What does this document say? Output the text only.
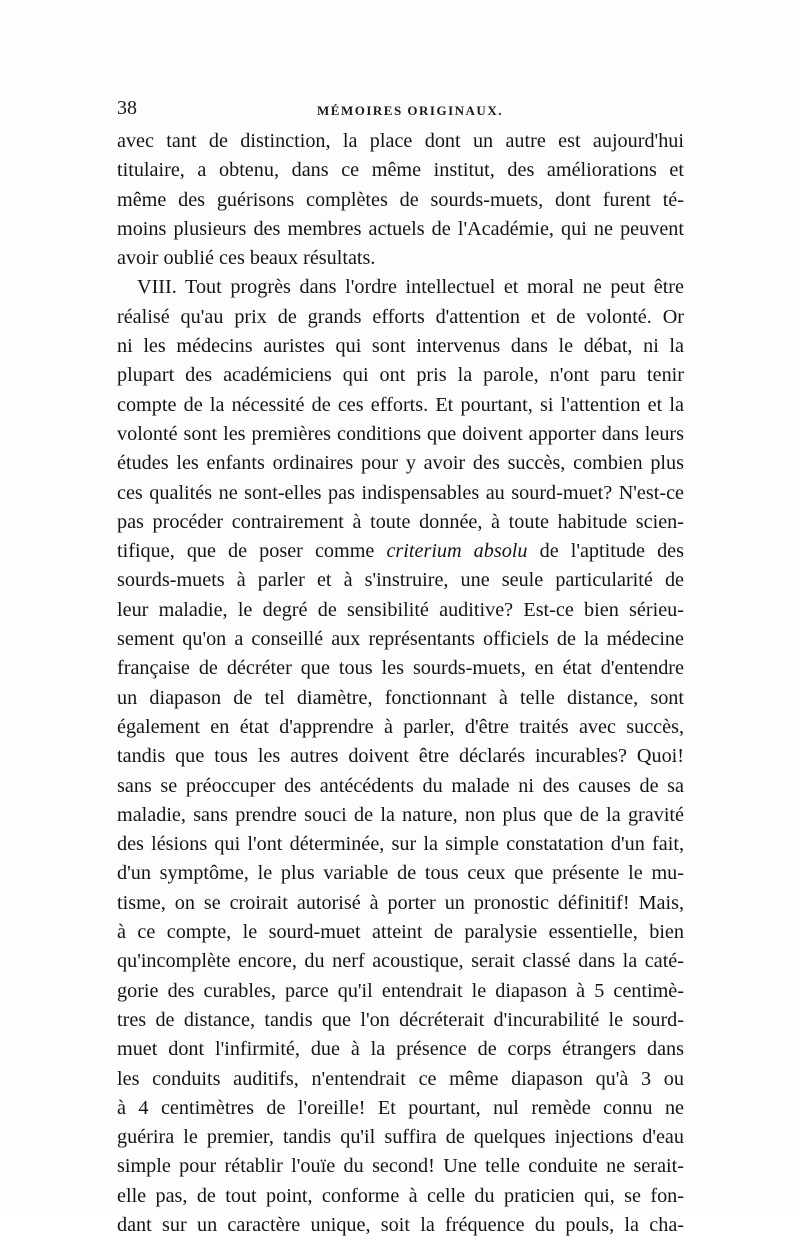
38	MÉMOIRES ORIGINAUX.
avec tant de distinction, la place dont un autre est aujourd'hui
titulaire, a obtenu, dans ce même institut, des améliorations et
même des guérisons complètes de sourds-muets, dont furent té-
moins plusieurs des membres actuels de l'Académie, qui ne peuvent
avoir oublié ces beaux résultats.
VIII. Tout progrès dans l'ordre intellectuel et moral ne peut être
réalisé qu'au prix de grands efforts d'attention et de volonté. Or
ni les médecins auristes qui sont intervenus dans le débat, ni la
plupart des académiciens qui ont pris la parole, n'ont paru tenir
compte de la nécessité de ces efforts. Et pourtant, si l'attention et la
volonté sont les premières conditions que doivent apporter dans leurs
études les enfants ordinaires pour y avoir des succès, combien plus
ces qualités ne sont-elles pas indispensables au sourd-muet? N'est-ce
pas procéder contrairement à toute donnée, à toute habitude scien-
tifique, que de poser comme criterium absolu de l'aptitude des
sourds-muets à parler et à s'instruire, une seule particularité de
leur maladie, le degré de sensibilité auditive? Est-ce bien sérieu-
sement qu'on a conseillé aux représentants officiels de la médecine
française de décréter que tous les sourds-muets, en état d'entendre
un diapason de tel diamètre, fonctionnant à telle distance, sont
également en état d'apprendre à parler, d'être traités avec succès,
tandis que tous les autres doivent être déclarés incurables? Quoi!
sans se préoccuper des antécédents du malade ni des causes de sa
maladie, sans prendre souci de la nature, non plus que de la gravité
des lésions qui l'ont déterminée, sur la simple constatation d'un fait,
d'un symptôme, le plus variable de tous ceux que présente le mu-
tisme, on se croirait autorisé à porter un pronostic définitif! Mais,
à ce compte, le sourd-muet atteint de paralysie essentielle, bien
qu'incomplète encore, du nerf acoustique, serait classé dans la caté-
gorie des curables, parce qu'il entendrait le diapason à 5 centimè-
tres de distance, tandis que l'on décréterait d'incurabilité le sourd-
muet dont l'infirmité, due à la présence de corps étrangers dans
les conduits auditifs, n'entendrait ce même diapason qu'à 3 ou
à 4 centimètres de l'oreille! Et pourtant, nul remède connu ne
guérira le premier, tandis qu'il suffira de quelques injections d'eau
simple pour rétablir l'ouïe du second! Une telle conduite ne serait-
elle pas, de tout point, conforme à celle du praticien qui, se fon-
dant sur un caractère unique, soit la fréquence du pouls, la cha-
